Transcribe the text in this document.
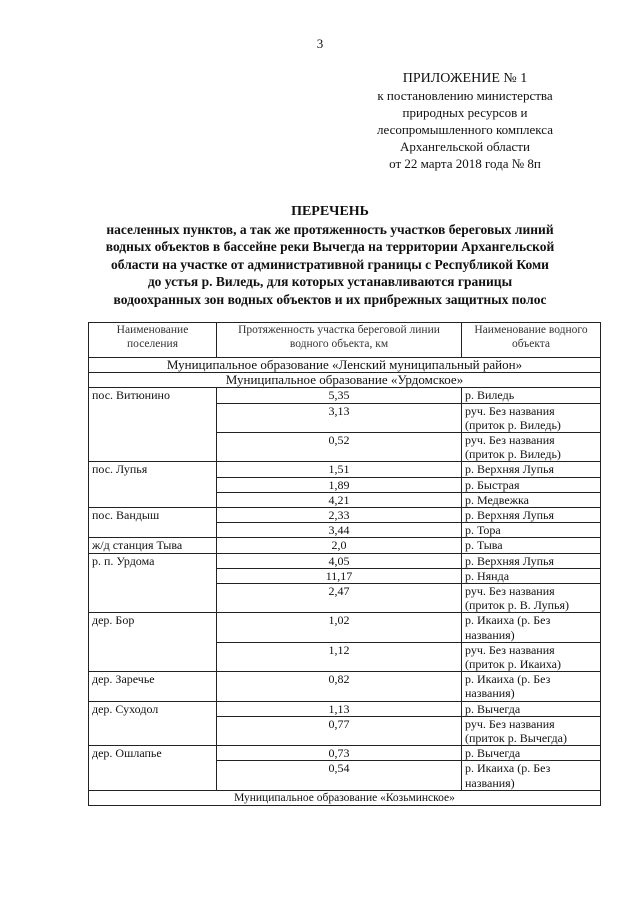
3
ПРИЛОЖЕНИЕ № 1
к постановлению министерства
природных ресурсов и
лесопромышленного комплекса
Архангельской области
от 22 марта 2018 года № 8п
ПЕРЕЧЕНЬ
населенных пунктов, а так же протяженность участков береговых линий
водных объектов в бассейне реки Вычегда на территории Архангельской
области на участке от административной границы с Республикой Коми
до устья р. Виледь, для которых устанавливаются границы
водоохранных зон водных объектов и их прибрежных защитных полос
Наименование поселения	Протяженность участка береговой линии водного объекта, км	Наименование водного объекта
Муниципальное образование «Ленский муниципальный район»		
Муниципальное образование «Урдомское»		
пос. Витюнино	5,35	р. Виледь
	3,13	руч. Без названия (приток р. Виледь)
	0,52	руч. Без названия (приток р. Виледь)
пос. Лупья	1,51	р. Верхняя Лупья
	1,89	р. Быстрая
	4,21	р. Медвежка
пос. Вандыш	2,33	р. Верхняя Лупья
	3,44	р. Тора
ж/д станция Тыва	2,0	р. Тыва
р. п. Урдома	4,05	р. Верхняя Лупья
	11,17	р. Нянда
	2,47	руч. Без названия (приток р. В. Лупья)
дер. Бор	1,02	р. Икаиха (р. Без названия)
	1,12	руч. Без названия (приток р. Икаиха)
дер. Заречье	0,82	р. Икаиха (р. Без названия)
дер. Суходол	1,13	р. Вычегда
	0,77	руч. Без названия (приток р. Вычегда)
дер. Ошлапье	0,73	р. Вычегда
	0,54	р. Икаиха (р. Без названия)
Муниципальное образование «Козьминское»		
